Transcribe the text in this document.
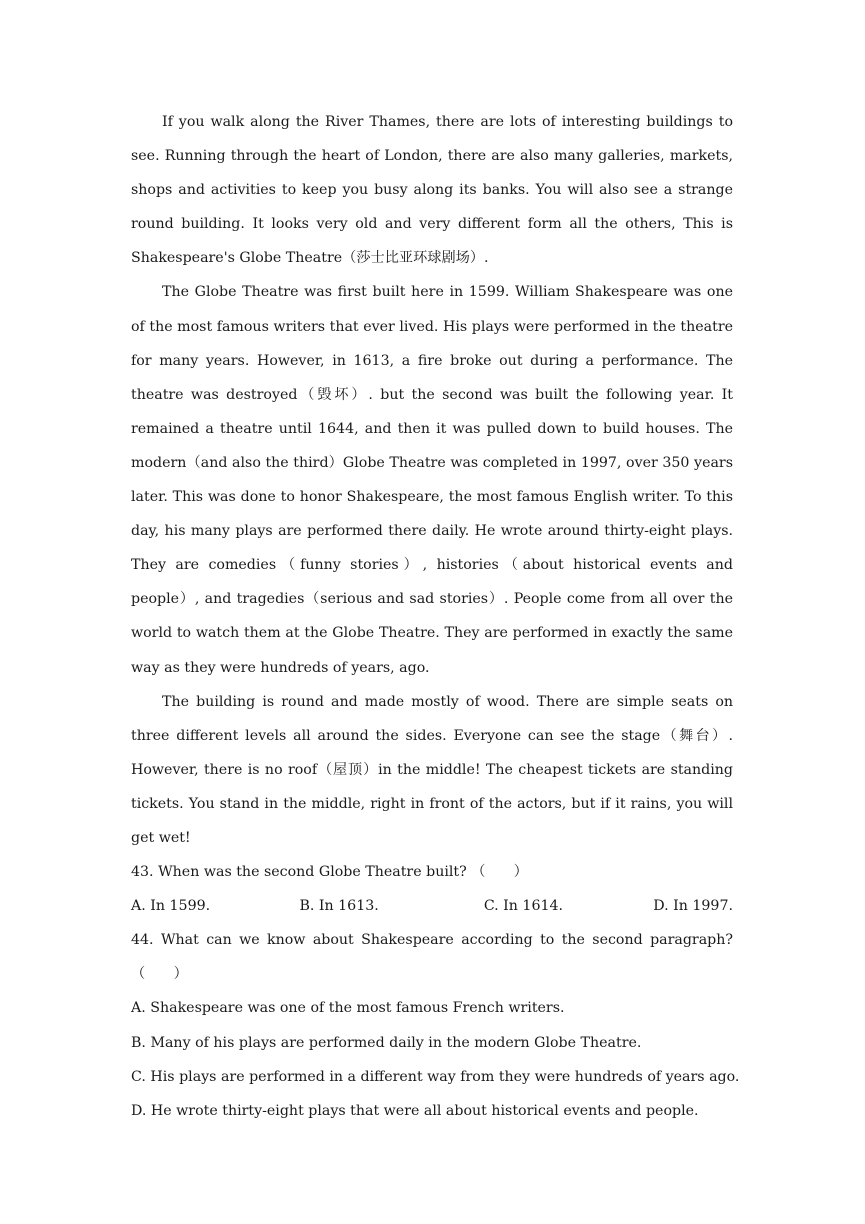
If you walk along the River Thames, there are lots of interesting buildings to see. Running through the heart of London, there are also many galleries, markets, shops and activities to keep you busy along its banks. You will also see a strange round building. It looks very old and very different form all the others, This is Shakespeare's Globe Theatre（莎士比亚环球剧场）.

The Globe Theatre was first built here in 1599. William Shakespeare was one of the most famous writers that ever lived. His plays were performed in the theatre for many years. However, in 1613, a fire broke out during a performance. The theatre was destroyed（毁坏）. but the second was built the following year. It remained a theatre until 1644, and then it was pulled down to build houses. The modern（and also the third）Globe Theatre was completed in 1997, over 350 years later. This was done to honor Shakespeare, the most famous English writer. To this day, his many plays are performed there daily. He wrote around thirty-eight plays. They are comedies（funny stories）, histories（about historical events and people）, and tragedies（serious and sad stories）. People come from all over the world to watch them at the Globe Theatre. They are performed in exactly the same way as they were hundreds of years, ago.

The building is round and made mostly of wood. There are simple seats on three different levels all around the sides. Everyone can see the stage（舞台）. However, there is no roof（屋顶）in the middle! The cheapest tickets are standing tickets. You stand in the middle, right in front of the actors, but if it rains, you will get wet!

43. When was the second Globe Theatre built? （　　）

A. In 1599.	B. In 1613.	C. In 1614.	D. In 1997.

44. What can we know about Shakespeare according to the second paragraph? （　　）

A. Shakespeare was one of the most famous French writers.

B. Many of his plays are performed daily in the modern Globe Theatre.

C. His plays are performed in a different way from they were hundreds of years ago.

D. He wrote thirty-eight plays that were all about historical events and people.
